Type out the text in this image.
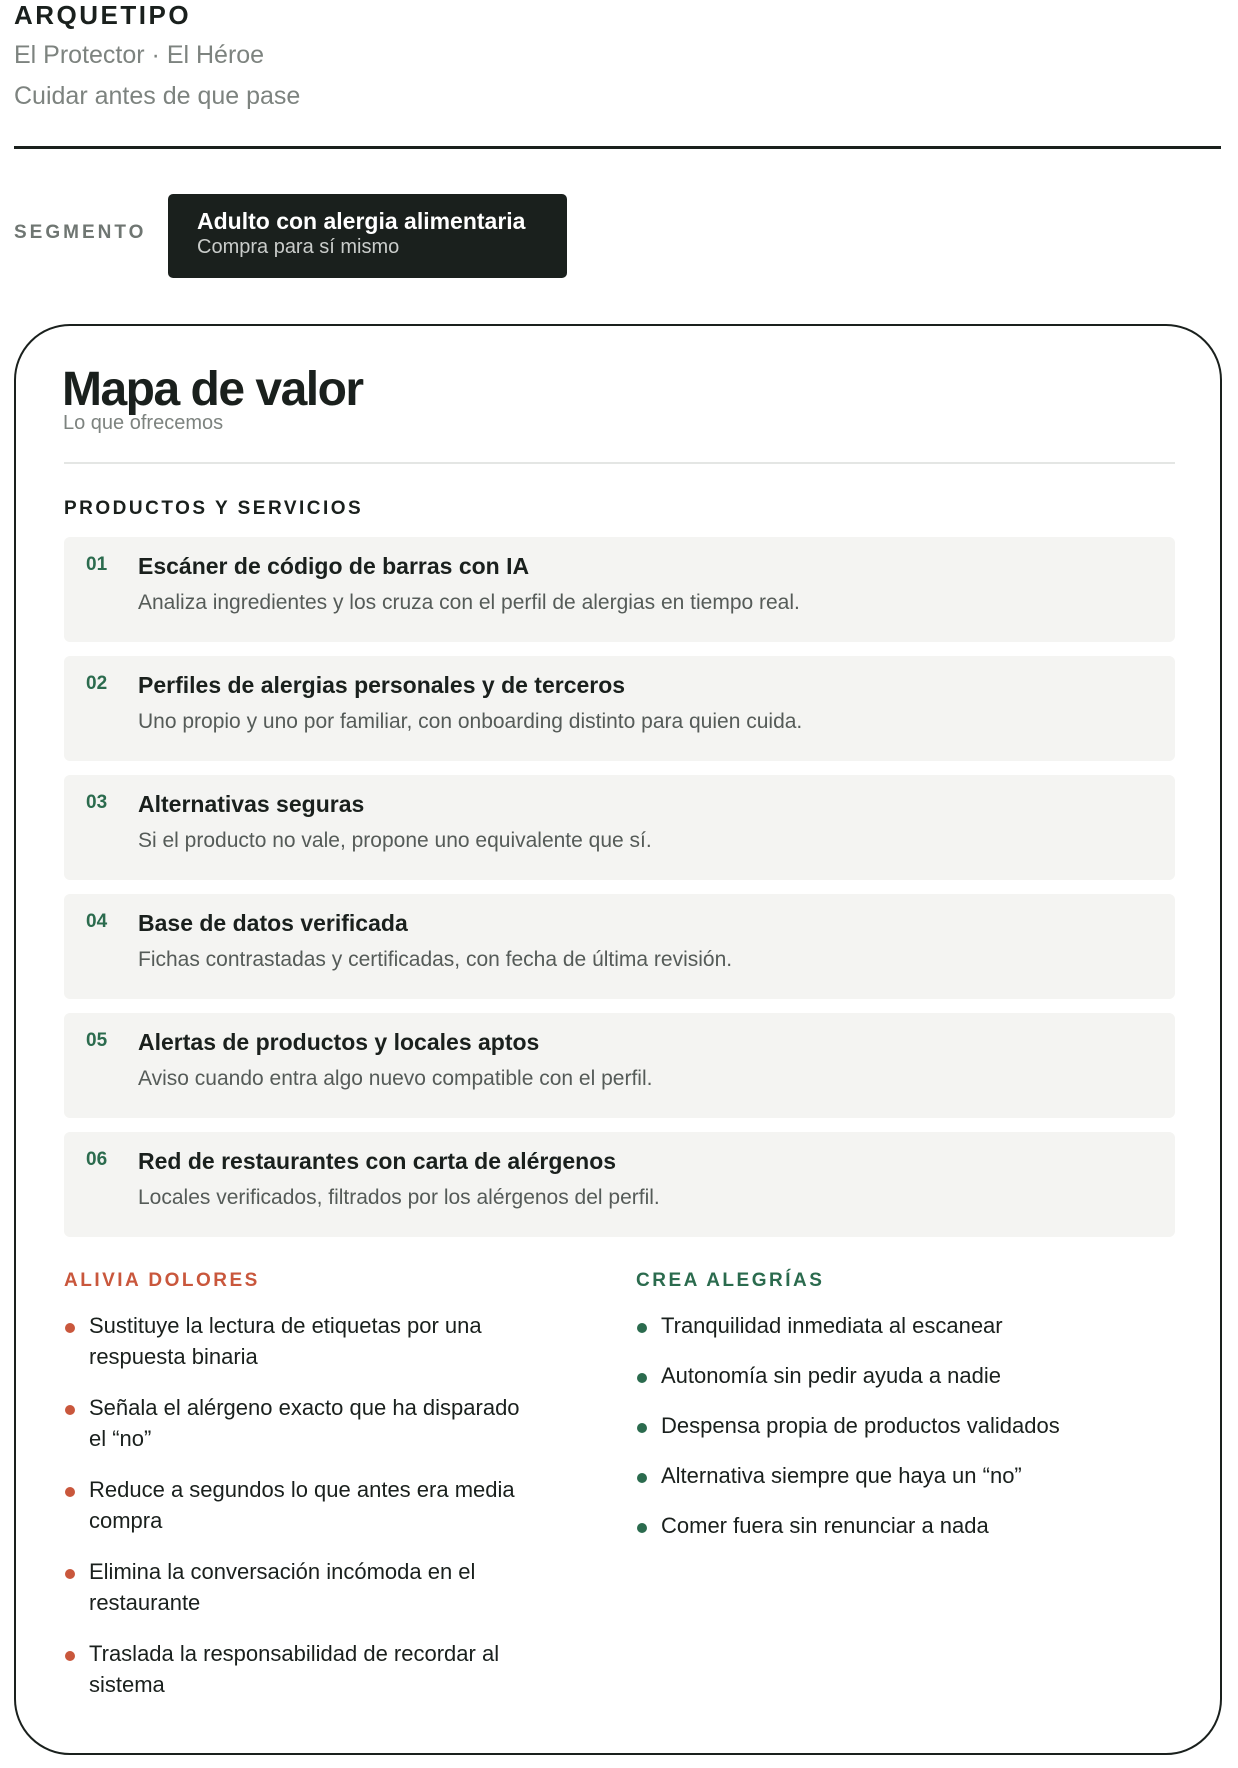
ARQUETIPO
El Protector · El Héroe
Cuidar antes de que pase
SEGMENTO Adulto con alergia alimentaria
Compra para sí mismo
Mapa de valor
Lo que ofrecemos
PRODUCTOS Y SERVICIOS
01 Escáner de código de barras con IA
Analiza ingredientes y los cruza con el perfil de alergias en tiempo real.
02 Perfiles de alergias personales y de terceros
Uno propio y uno por familiar, con onboarding distinto para quien cuida.
03 Alternativas seguras
Si el producto no vale, propone uno equivalente que sí.
04 Base de datos verificada
Fichas contrastadas y certificadas, con fecha de última revisión.
05 Alertas de productos y locales aptos
Aviso cuando entra algo nuevo compatible con el perfil.
06 Red de restaurantes con carta de alérgenos
Locales verificados, filtrados por los alérgenos del perfil.
ALIVIA DOLORES
Sustituye la lectura de etiquetas por una respuesta binaria
Señala el alérgeno exacto que ha disparado el “no”
Reduce a segundos lo que antes era media compra
Elimina la conversación incómoda en el restaurante
Traslada la responsabilidad de recordar al sistema
CREA ALEGRÍAS
Tranquilidad inmediata al escanear
Autonomía sin pedir ayuda a nadie
Despensa propia de productos validados
Alternativa siempre que haya un “no”
Comer fuera sin renunciar a nada
